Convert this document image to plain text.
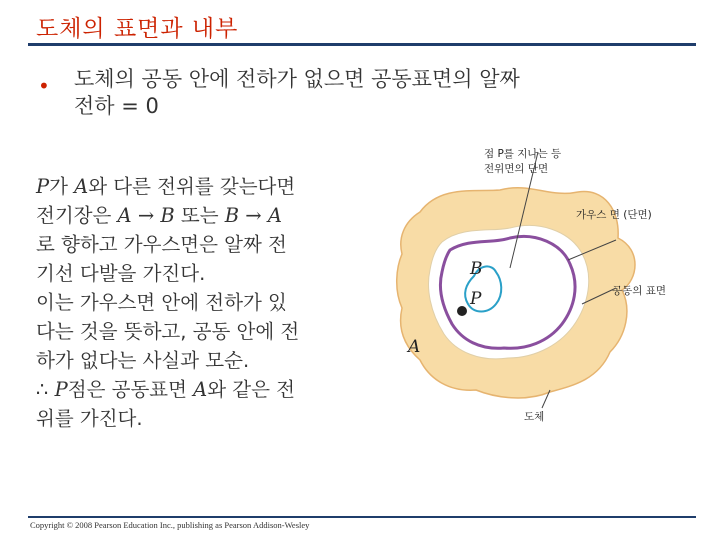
도체의 표면과 내부
• 도체의 공동 안에 전하가 없으면 공동표면의 알짜
전하 = 0

P가 A와 다른 전위를 갖는다면

전기장은 A → B 또는 B → A

로 향하고 가우스면은 알짜 전

기선 다발을 가진다.

이는 가우스면 안에 전하가 있

다는 것을 뜻하고, 공동 안에 전

하가 없다는 사실과 모순.

∴ P점은 공동표면 A와 같은 전

위를 가진다.

B
P
A
점 P를 지나는 등
전위면의 단면
가우스 면 (단면)
공동의 표면
도체
Copyright © 2008 Pearson Education Inc., publishing as Pearson Addison-Wesley
